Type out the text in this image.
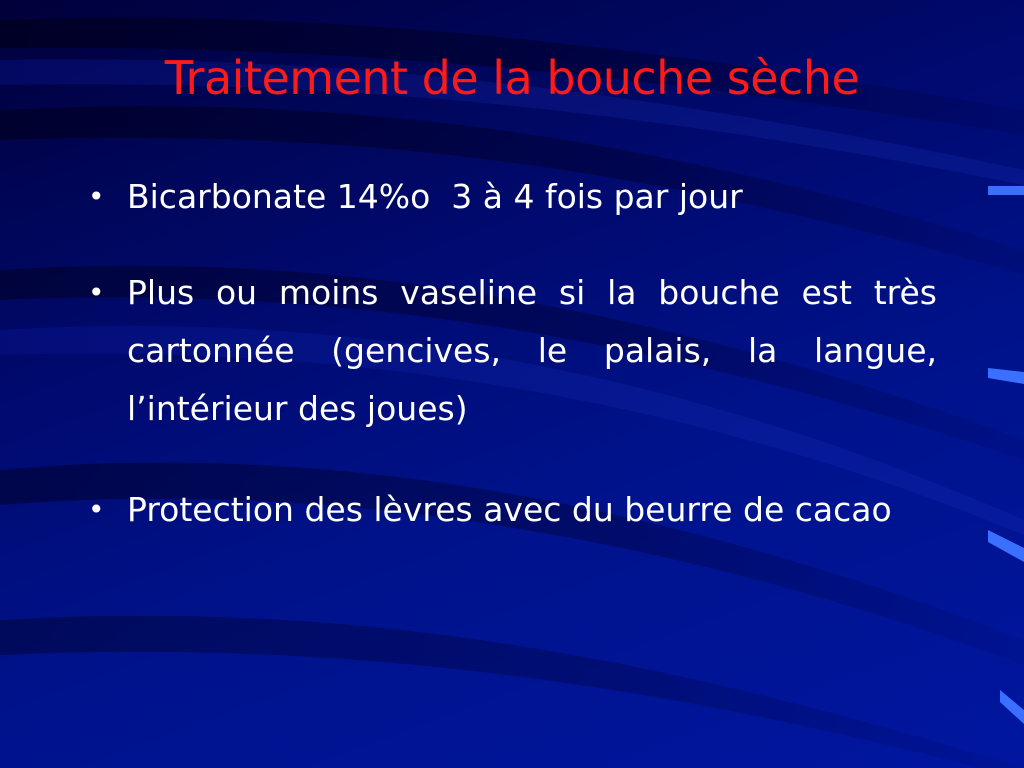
Traitement de la bouche sèche
• Bicarbonate 14%o  3 à 4 fois par jour
• Plus ou moins vaseline si la bouche est très cartonnée (gencives, le palais, la langue, l’intérieur des joues)
• Protection des lèvres avec du beurre de cacao
